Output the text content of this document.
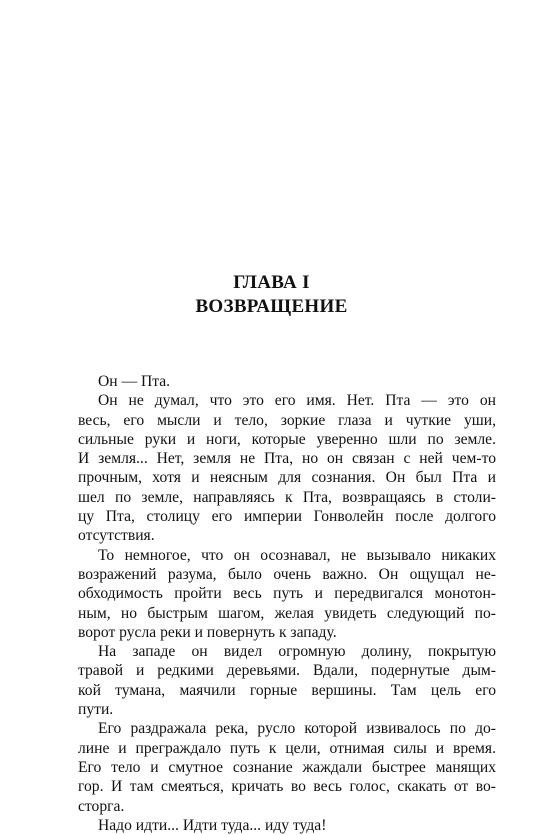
ГЛАВА I
ВОЗВРАЩЕНИЕ
Он — Пта.
Он не думал, что это его имя. Нет. Пта — это он
весь, его мысли и тело, зоркие глаза и чуткие уши,
сильные руки и ноги, которые уверенно шли по земле.
И земля... Нет, земля не Пта, но он связан с ней чем-то
прочным, хотя и неясным для сознания. Он был Пта и
шел по земле, направляясь к Пта, возвращаясь в столи-
цу Пта, столицу его империи Гонволейн после долгого
отсутствия.
То немногое, что он осознавал, не вызывало никаких
возражений разума, было очень важно. Он ощущал не-
обходимость пройти весь путь и передвигался монотон-
ным, но быстрым шагом, желая увидеть следующий по-
ворот русла реки и повернуть к западу.
На западе он видел огромную долину, покрытую
травой и редкими деревьями. Вдали, подернутые дым-
кой тумана, маячили горные вершины. Там цель его
пути.
Его раздражала река, русло которой извивалось по до-
лине и преграждало путь к цели, отнимая силы и время.
Его тело и смутное сознание жаждали быстрее манящих
гор. И там смеяться, кричать во весь голос, скакать от во-
сторга.
Надо идти... Идти туда... иду туда!
